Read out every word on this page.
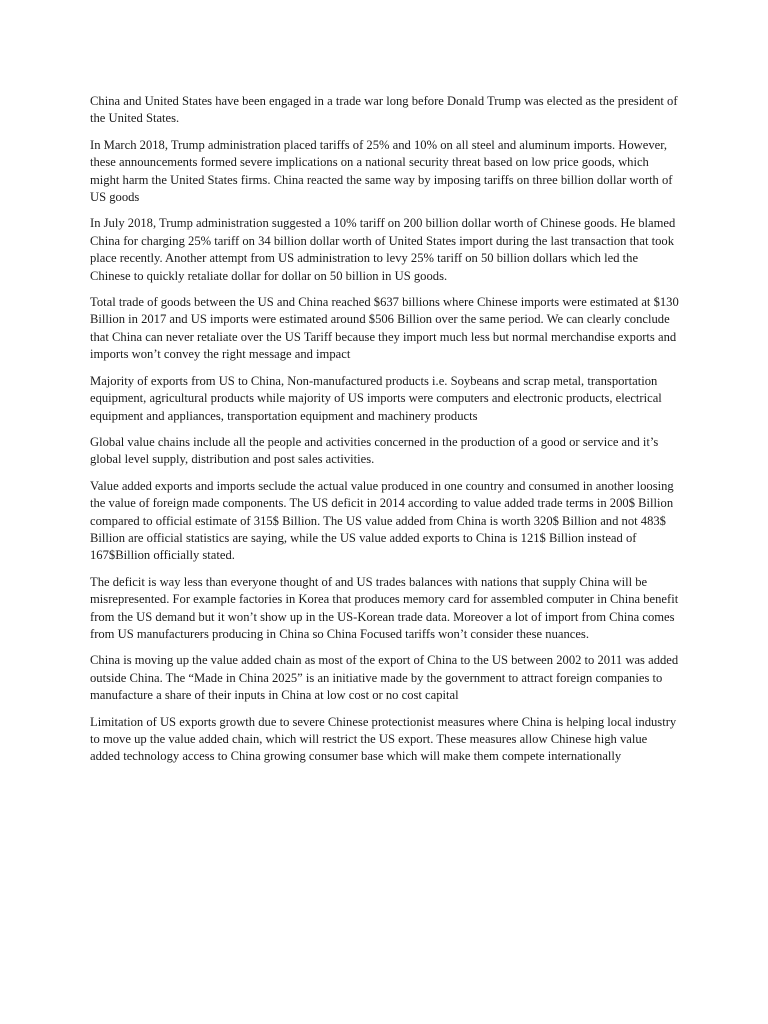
China and United States have been engaged in a trade war long before Donald Trump was elected as the president of the United States.

In March 2018, Trump administration placed tariffs of 25% and 10% on all steel and aluminum imports. However, these announcements formed severe implications on a national security threat based on low price goods, which might harm the United States firms. China reacted the same way by imposing tariffs on three billion dollar worth of US goods

In July 2018, Trump administration suggested a 10% tariff on 200 billion dollar worth of Chinese goods. He blamed China for charging 25% tariff on 34 billion dollar worth of United States import during the last transaction that took place recently. Another attempt from US administration to levy 25% tariff on 50 billion dollars which led the Chinese to quickly retaliate dollar for dollar on 50 billion in US goods.

Total trade of goods between the US and China reached $637 billions where Chinese imports were estimated at $130 Billion in 2017 and US imports were estimated around $506 Billion over the same period. We can clearly conclude that China can never retaliate over the US Tariff because they import much less but normal merchandise exports and imports won’t convey the right message and impact

Majority of exports from US to China, Non-manufactured products i.e. Soybeans and scrap metal, transportation equipment, agricultural products while majority of US imports were computers and electronic products, electrical equipment and appliances, transportation equipment and machinery products

Global value chains include all the people and activities concerned in the production of a good or service and it’s global level supply, distribution and post sales activities.

Value added exports and imports seclude the actual value produced in one country and consumed in another loosing the value of foreign made components. The US deficit in 2014 according to value added trade terms in 200$ Billion compared to official estimate of 315$ Billion. The US value added from China is worth 320$ Billion and not 483$ Billion are official statistics are saying, while the US value added exports to China is 121$ Billion instead of 167$Billion officially stated.

The deficit is way less than everyone thought of and US trades balances with nations that supply China will be misrepresented. For example factories in Korea that produces memory card for assembled computer in China benefit from the US demand but it won’t show up in the US-Korean trade data. Moreover a lot of import from China comes from US manufacturers producing in China so China Focused tariffs won’t consider these nuances.

China is moving up the value added chain as most of the export of China to the US between 2002 to 2011 was added outside China. The “Made in China 2025” is an initiative made by the government to attract foreign companies to manufacture a share of their inputs in China at low cost or no cost capital

Limitation of US exports growth due to severe Chinese protectionist measures where China is helping local industry to move up the value added chain, which will restrict the US export. These measures allow Chinese high value added technology access to China growing consumer base which will make them compete internationally
